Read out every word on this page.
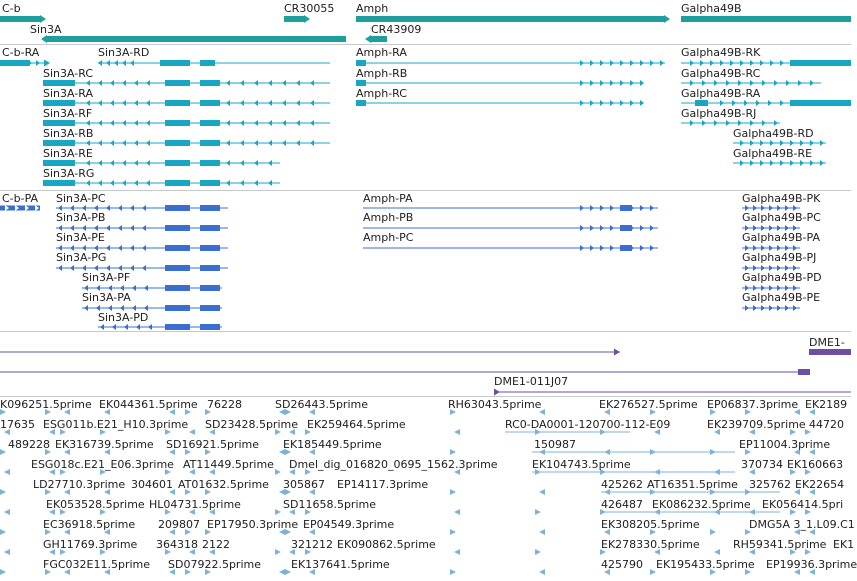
C-b
Sin3A
CR30055
CR43909
Amph	Galpha49B
C-b-RA	Sin3A-RD
Sin3A-RC
Sin3A-RA
Sin3A-RF
Sin3A-RB
Sin3A-RE
Sin3A-RG
Amph-RA
Amph-RB
Amph-RC
Galpha49B-RK
Galpha49B-RC
Galpha49B-RA
Galpha49B-RJ
Galpha49B-RD
Galpha49B-RE
C-b-PA Sin3A-PC
Sin3A-PB
Sin3A-PE
Sin3A-PG
Sin3A-PF
Sin3A-PA
Sin3A-PD
Amph-PA
Amph-PB
Amph-PC
Galpha49B-PK
Galpha49B-PC
Galpha49B-PA
Galpha49B-PJ
Galpha49B-PD
Galpha49B-PE
DME1-
DME1-011J07
K096251.5prime EK044361.5prime 76228	SD26443.5prime	RH63043.5prime	EK276527.5prime EP06837.3prime EK2189
17635 ESG011b.E21_H10.3prime SD23428.5prime EK259464.5prime	RC0-DA0001-120700-112-E09	EK239709.5prime 44720
489228 EK316739.5prime SD16921.5prime EK185449.5prime	150987	EP11004.3prime
ESG018c.E21_E06.3prime AT11449.5prime Dmel_dig_016820_0695_1562.3prime	EK104743.5prime	370734 EK160663
LD27710.3prime 304601 AT01632.5prime 305867 EP14117.3prime	425262 AT16351.5prime 325762 EK22654
EK053528.5prime HL04731.5prime	SD11658.5prime	426487 EK086232.5prime EK056414.5pri
EC36918.5prime 209807 EP17950.3prime EP04549.3prime	EK308205.5prime	DMG5A 3_1.L09.C1
GH11769.3prime 364318 2122	321212 EK090862.5prime	EK278330.5prime	RH59341.5prime EK1
FGC032E11.5prime SD07922.5prime	EK137641.5prime	425790 EK195433.5prime EP19936.3prime
